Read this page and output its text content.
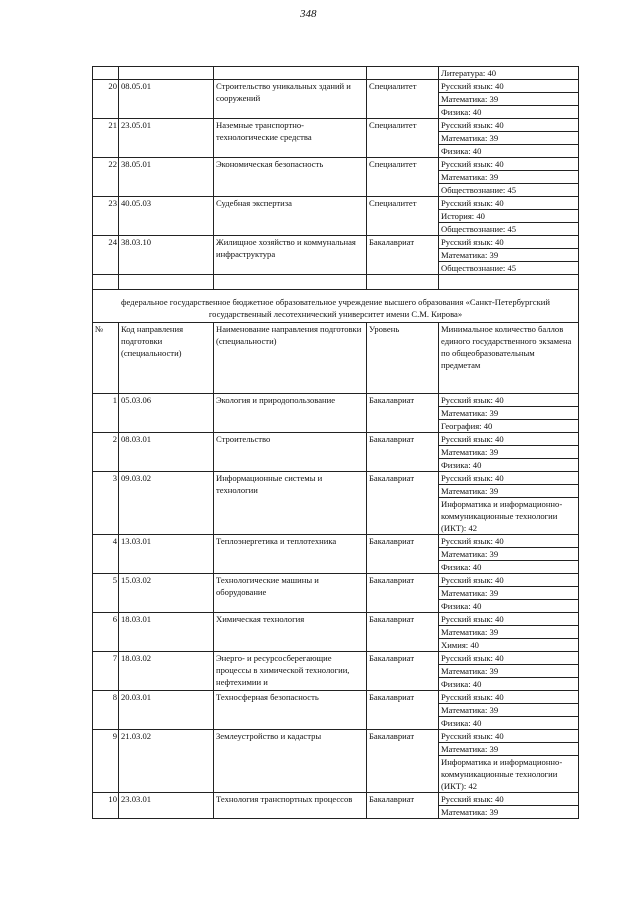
348

				Литература: 40

20	08.05.01	Строительство уникальных зданий и сооружений	Специалитет	Русский язык: 40
Математика: 39
Физика: 40

21	23.05.01	Наземные транспортно-технологические средства	Специалитет	Русский язык: 40
Математика: 39
Физика: 40

22	38.05.01	Экономическая безопасность	Специалитет	Русский язык: 40
Математика: 39
Обществознание: 45

23	40.05.03	Судебная экспертиза	Специалитет	Русский язык: 40
История: 40
Обществознание: 45

24	38.03.10	Жилищное хозяйство и коммунальная инфраструктура	Бакалавриат	Русский язык: 40
Математика: 39
Обществознание: 45

федеральное государственное бюджетное образовательное учреждение высшего образования «Санкт-Петербургский государственный лесотехнический университет имени С.М. Кирова»				
№	Код направления подготовки (специальности)	Наименование направления подготовки (специальности)	Уровень	Минимальное количество баллов единого государственного экзамена по общеобразовательным предметам
1	05.03.06	Экология и природопользование	Бакалавриат	Русский язык: 40
Математика: 39
География: 40

2	08.03.01	Строительство	Бакалавриат	Русский язык: 40
Математика: 39
Физика: 40

3	09.03.02	Информационные системы и технологии	Бакалавриат	Русский язык: 40
Математика: 39
Информатика и информационно-коммуникационные технологии (ИКТ): 42

4	13.03.01	Теплоэнергетика и теплотехника	Бакалавриат	Русский язык: 40
Математика: 39
Физика: 40

5	15.03.02	Технологические машины и оборудование	Бакалавриат	Русский язык: 40
Математика: 39
Физика: 40

6	18.03.01	Химическая технология	Бакалавриат	Русский язык: 40
Математика: 39
Химия: 40

7	18.03.02	Энерго- и ресурсосберегающие процессы в химической технологии, нефтехимии и	Бакалавриат	Русский язык: 40
Математика: 39
Физика: 40

8	20.03.01	Техносферная безопасность	Бакалавриат	Русский язык: 40
Математика: 39
Физика: 40

9	21.03.02	Землеустройство и кадастры	Бакалавриат	Русский язык: 40
Математика: 39
Информатика и информационно-коммуникационные технологии (ИКТ): 42

10	23.03.01	Технология транспортных процессов	Бакалавриат	Русский язык: 40
Математика: 39
